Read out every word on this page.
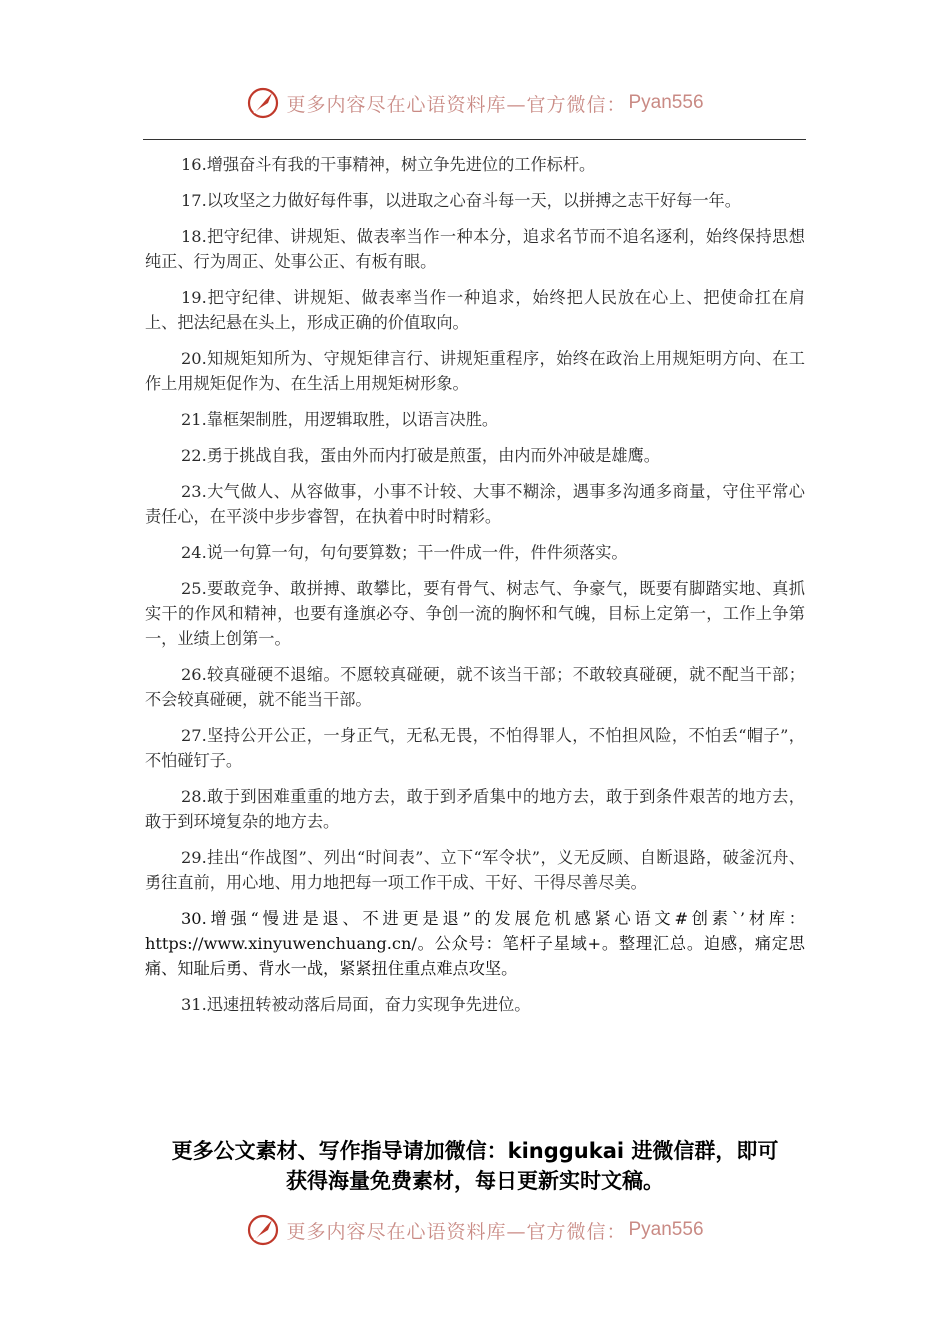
更多内容尽在心语资料库—官方微信： Pyan556

16.增强奋斗有我的干事精神，树立争先进位的工作标杆。

17.以攻坚之力做好每件事，以进取之心奋斗每一天，以拼搏之志干好每一年。

18.把守纪律、讲规矩、做表率当作一种本分，追求名节而不追名逐利，始终保持思想纯正、行为周正、处事公正、有板有眼。

19.把守纪律、讲规矩、做表率当作一种追求，始终把人民放在心上、把使命扛在肩上、把法纪悬在头上，形成正确的价值取向。

20.知规矩知所为、守规矩律言行、讲规矩重程序，始终在政治上用规矩明方向、在工作上用规矩促作为、在生活上用规矩树形象。

21.靠框架制胜，用逻辑取胜，以语言决胜。

22.勇于挑战自我，蛋由外而内打破是煎蛋，由内而外冲破是雄鹰。

23.大气做人、从容做事，小事不计较、大事不糊涂，遇事多沟通多商量，守住平常心责任心，在平淡中步步睿智，在执着中时时精彩。

24.说一句算一句，句句要算数；干一件成一件，件件须落实。

25.要敢竞争、敢拼搏、敢攀比，要有骨气、树志气、争豪气，既要有脚踏实地、真抓实干的作风和精神，也要有逢旗必夺、争创一流的胸怀和气魄，目标上定第一，工作上争第一，业绩上创第一。

26.较真碰硬不退缩。不愿较真碰硬，就不该当干部；不敢较真碰硬，就不配当干部；不会较真碰硬，就不能当干部。

27.坚持公开公正，一身正气，无私无畏，不怕得罪人，不怕担风险，不怕丢“帽子”，不怕碰钉子。

28.敢于到困难重重的地方去，敢于到矛盾集中的地方去，敢于到条件艰苦的地方去，敢于到环境复杂的地方去。

29.挂出“作战图”、列出“时间表”、立下“军令状”，义无反顾、自断退路，破釜沉舟、勇往直前，用心地、用力地把每一项工作干成、干好、干得尽善尽美。

30.增强“慢进是退、不进更是退”的发展危机感紧心语文#创素`’材库：https://www.xinyuwenchuang.cn/。公众号：笔杆子星域+。整理汇总。迫感，痛定思痛、知耻后勇、背水一战，紧紧扭住重点难点攻坚。

31.迅速扭转被动落后局面，奋力实现争先进位。

更多公文素材、写作指导请加微信：kinggukai 进微信群，即可
获得海量免费素材，每日更新实时文稿。
更多内容尽在心语资料库—官方微信： Pyan556
